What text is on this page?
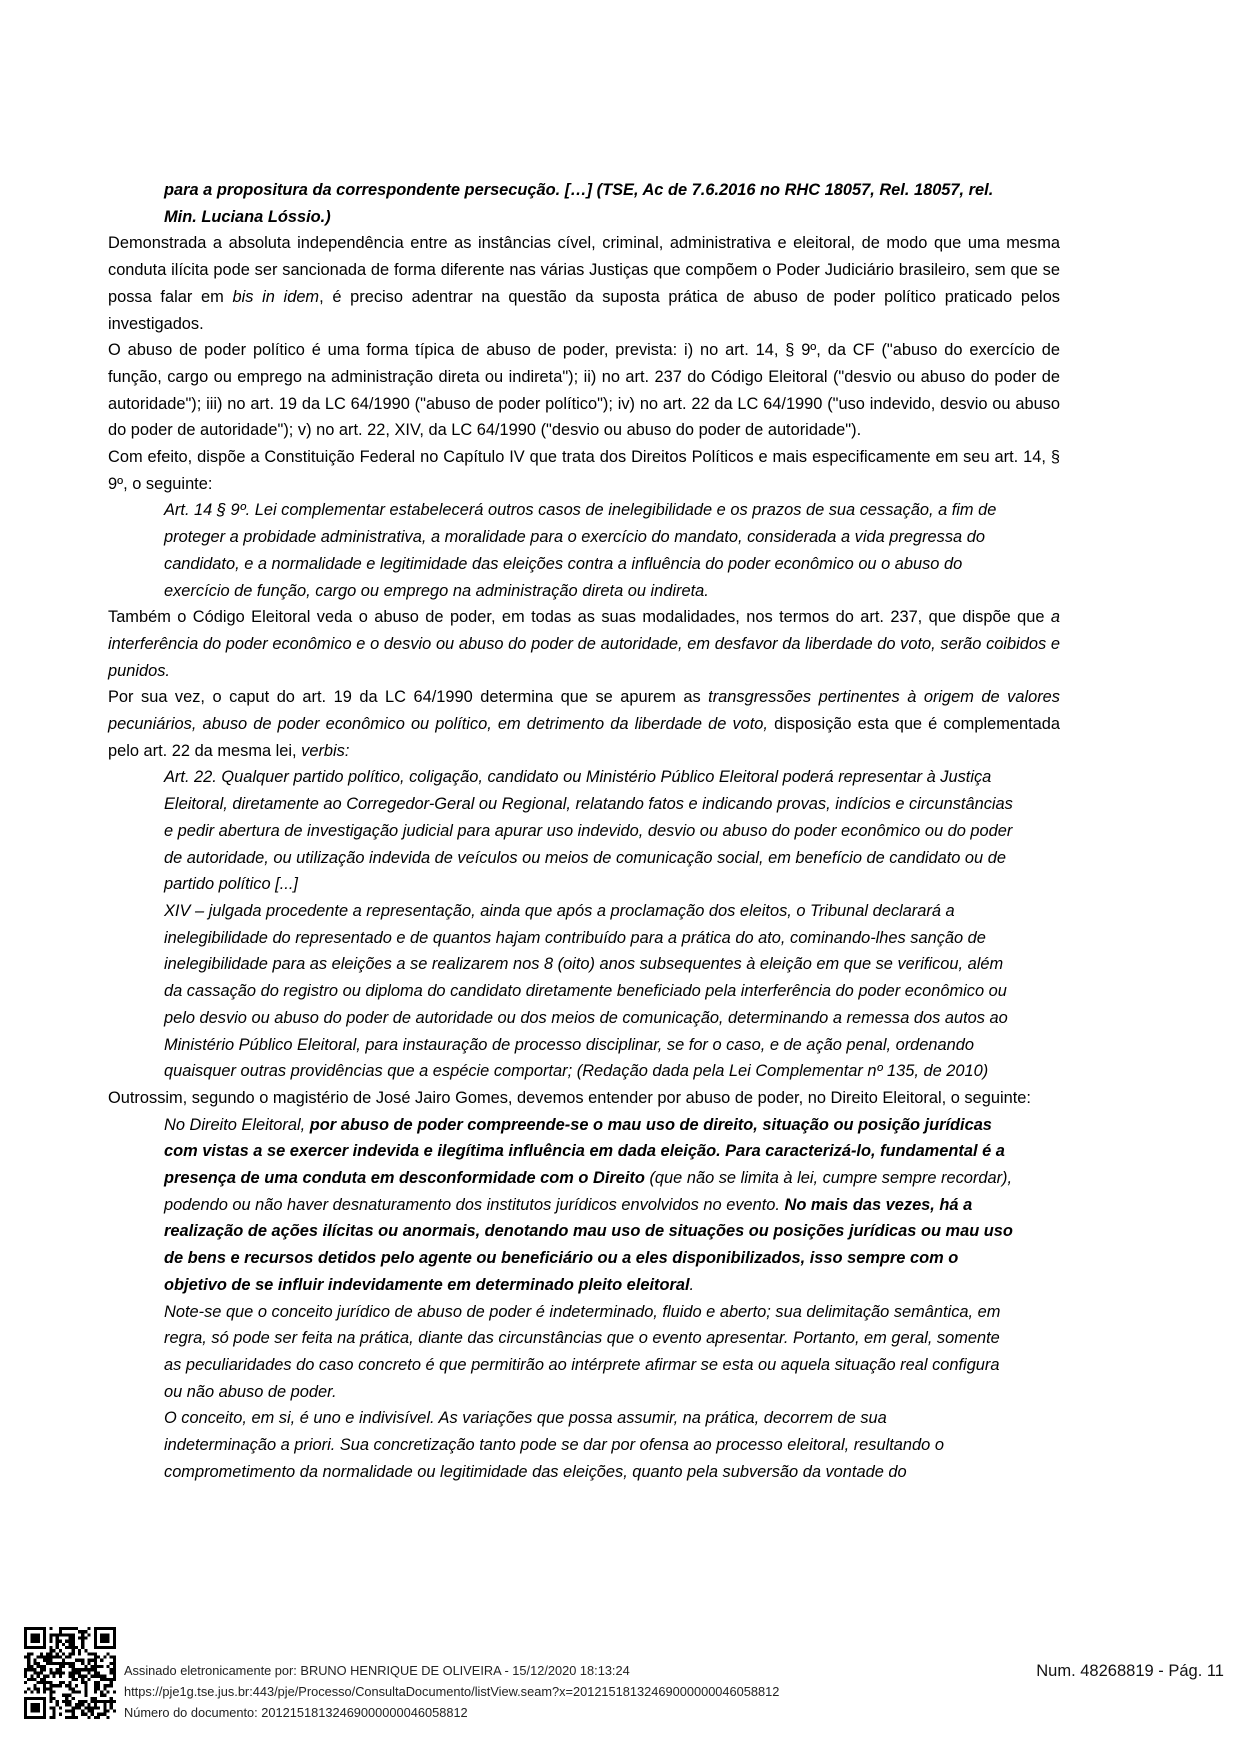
para a propositura da correspondente persecução. […] (TSE, Ac de 7.6.2016 no RHC 18057, Rel. 18057, rel. Min. Luciana Lóssio.)

Demonstrada a absoluta independência entre as instâncias cível, criminal, administrativa e eleitoral, de modo que uma mesma conduta ilícita pode ser sancionada de forma diferente nas várias Justiças que compõem o Poder Judiciário brasileiro, sem que se possa falar em bis in idem, é preciso adentrar na questão da suposta prática de abuso de poder político praticado pelos investigados.

O abuso de poder político é uma forma típica de abuso de poder, prevista: i) no art. 14, § 9º, da CF ("abuso do exercício de função, cargo ou emprego na administração direta ou indireta"); ii) no art. 237 do Código Eleitoral ("desvio ou abuso do poder de autoridade"); iii) no art. 19 da LC 64/1990 ("abuso de poder político"); iv) no art. 22 da LC 64/1990 ("uso indevido, desvio ou abuso do poder de autoridade"); v) no art. 22, XIV, da LC 64/1990 ("desvio ou abuso do poder de autoridade").

Com efeito, dispõe a Constituição Federal no Capítulo IV que trata dos Direitos Políticos e mais especificamente em seu art. 14, § 9º, o seguinte:

Art. 14 § 9º. Lei complementar estabelecerá outros casos de inelegibilidade e os prazos de sua cessação, a fim de proteger a probidade administrativa, a moralidade para o exercício do mandato, considerada a vida pregressa do candidato, e a normalidade e legitimidade das eleições contra a influência do poder econômico ou o abuso do exercício de função, cargo ou emprego na administração direta ou indireta.

Também o Código Eleitoral veda o abuso de poder, em todas as suas modalidades, nos termos do art. 237, que dispõe que a interferência do poder econômico e o desvio ou abuso do poder de autoridade, em desfavor da liberdade do voto, serão coibidos e punidos.

Por sua vez, o caput do art. 19 da LC 64/1990 determina que se apurem as transgressões pertinentes à origem de valores pecuniários, abuso de poder econômico ou político, em detrimento da liberdade de voto, disposição esta que é complementada pelo art. 22 da mesma lei, verbis:

Art. 22. Qualquer partido político, coligação, candidato ou Ministério Público Eleitoral poderá representar à Justiça Eleitoral, diretamente ao Corregedor-Geral ou Regional, relatando fatos e indicando provas, indícios e circunstâncias e pedir abertura de investigação judicial para apurar uso indevido, desvio ou abuso do poder econômico ou do poder de autoridade, ou utilização indevida de veículos ou meios de comunicação social, em benefício de candidato ou de partido político [...]

XIV – julgada procedente a representação, ainda que após a proclamação dos eleitos, o Tribunal declarará a inelegibilidade do representado e de quantos hajam contribuído para a prática do ato, cominando-lhes sanção de inelegibilidade para as eleições a se realizarem nos 8 (oito) anos subsequentes à eleição em que se verificou, além da cassação do registro ou diploma do candidato diretamente beneficiado pela interferência do poder econômico ou pelo desvio ou abuso do poder de autoridade ou dos meios de comunicação, determinando a remessa dos autos ao Ministério Público Eleitoral, para instauração de processo disciplinar, se for o caso, e de ação penal, ordenando quaisquer outras providências que a espécie comportar; (Redação dada pela Lei Complementar nº 135, de 2010)

Outrossim, segundo o magistério de José Jairo Gomes, devemos entender por abuso de poder, no Direito Eleitoral, o seguinte:

No Direito Eleitoral, por abuso de poder compreende-se o mau uso de direito, situação ou posição jurídicas com vistas a se exercer indevida e ilegítima influência em dada eleição. Para caracterizá-lo, fundamental é a presença de uma conduta em desconformidade com o Direito (que não se limita à lei, cumpre sempre recordar), podendo ou não haver desnaturamento dos institutos jurídicos envolvidos no evento. No mais das vezes, há a realização de ações ilícitas ou anormais, denotando mau uso de situações ou posições jurídicas ou mau uso de bens e recursos detidos pelo agente ou beneficiário ou a eles disponibilizados, isso sempre com o objetivo de se influir indevidamente em determinado pleito eleitoral.

Note-se que o conceito jurídico de abuso de poder é indeterminado, fluido e aberto; sua delimitação semântica, em regra, só pode ser feita na prática, diante das circunstâncias que o evento apresentar. Portanto, em geral, somente as peculiaridades do caso concreto é que permitirão ao intérprete afirmar se esta ou aquela situação real configura ou não abuso de poder.

O conceito, em si, é uno e indivisível. As variações que possa assumir, na prática, decorrem de sua indeterminação a priori. Sua concretização tanto pode se dar por ofensa ao processo eleitoral, resultando o comprometimento da normalidade ou legitimidade das eleições, quanto pela subversão da vontade do

Assinado eletronicamente por: BRUNO HENRIQUE DE OLIVEIRA - 15/12/2020 18:13:24
https://pje1g.tse.jus.br:443/pje/Processo/ConsultaDocumento/listView.seam?x=20121518132469000000046058812
Número do documento: 20121518132469000000046058812
Num. 48268819 - Pág. 11
